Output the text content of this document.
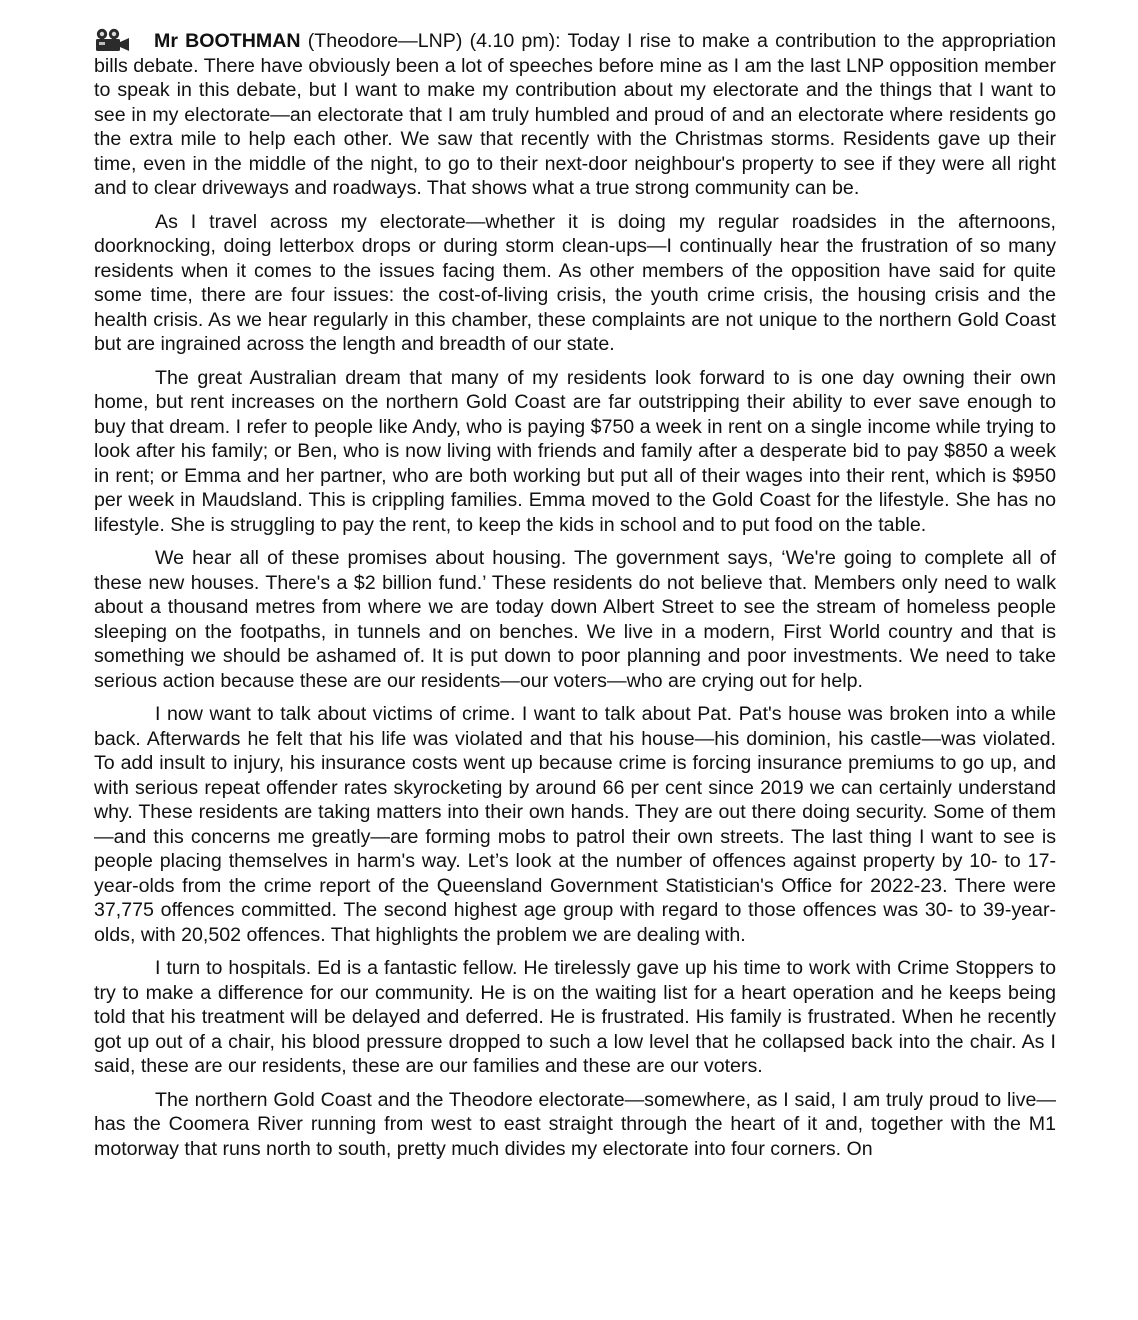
Mr BOOTHMAN (Theodore—LNP) (4.10 pm): Today I rise to make a contribution to the appropriation bills debate. There have obviously been a lot of speeches before mine as I am the last LNP opposition member to speak in this debate, but I want to make my contribution about my electorate and the things that I want to see in my electorate—an electorate that I am truly humbled and proud of and an electorate where residents go the extra mile to help each other. We saw that recently with the Christmas storms. Residents gave up their time, even in the middle of the night, to go to their next-door neighbour's property to see if they were all right and to clear driveways and roadways. That shows what a true strong community can be.

As I travel across my electorate—whether it is doing my regular roadsides in the afternoons, doorknocking, doing letterbox drops or during storm clean-ups—I continually hear the frustration of so many residents when it comes to the issues facing them. As other members of the opposition have said for quite some time, there are four issues: the cost-of-living crisis, the youth crime crisis, the housing crisis and the health crisis. As we hear regularly in this chamber, these complaints are not unique to the northern Gold Coast but are ingrained across the length and breadth of our state.

The great Australian dream that many of my residents look forward to is one day owning their own home, but rent increases on the northern Gold Coast are far outstripping their ability to ever save enough to buy that dream. I refer to people like Andy, who is paying $750 a week in rent on a single income while trying to look after his family; or Ben, who is now living with friends and family after a desperate bid to pay $850 a week in rent; or Emma and her partner, who are both working but put all of their wages into their rent, which is $950 per week in Maudsland. This is crippling families. Emma moved to the Gold Coast for the lifestyle. She has no lifestyle. She is struggling to pay the rent, to keep the kids in school and to put food on the table.

We hear all of these promises about housing. The government says, ‘We're going to complete all of these new houses. There's a $2 billion fund.’ These residents do not believe that. Members only need to walk about a thousand metres from where we are today down Albert Street to see the stream of homeless people sleeping on the footpaths, in tunnels and on benches. We live in a modern, First World country and that is something we should be ashamed of. It is put down to poor planning and poor investments. We need to take serious action because these are our residents—our voters—who are crying out for help.

I now want to talk about victims of crime. I want to talk about Pat. Pat's house was broken into a while back. Afterwards he felt that his life was violated and that his house—his dominion, his castle—was violated. To add insult to injury, his insurance costs went up because crime is forcing insurance premiums to go up, and with serious repeat offender rates skyrocketing by around 66 per cent since 2019 we can certainly understand why. These residents are taking matters into their own hands. They are out there doing security. Some of them—and this concerns me greatly—are forming mobs to patrol their own streets. The last thing I want to see is people placing themselves in harm's way. Let’s look at the number of offences against property by 10- to 17-year-olds from the crime report of the Queensland Government Statistician's Office for 2022-23. There were 37,775 offences committed. The second highest age group with regard to those offences was 30- to 39-year-olds, with 20,502 offences. That highlights the problem we are dealing with.

I turn to hospitals. Ed is a fantastic fellow. He tirelessly gave up his time to work with Crime Stoppers to try to make a difference for our community. He is on the waiting list for a heart operation and he keeps being told that his treatment will be delayed and deferred. He is frustrated. His family is frustrated. When he recently got up out of a chair, his blood pressure dropped to such a low level that he collapsed back into the chair. As I said, these are our residents, these are our families and these are our voters.

The northern Gold Coast and the Theodore electorate—somewhere, as I said, I am truly proud to live—has the Coomera River running from west to east straight through the heart of it and, together with the M1 motorway that runs north to south, pretty much divides my electorate into four corners. On
